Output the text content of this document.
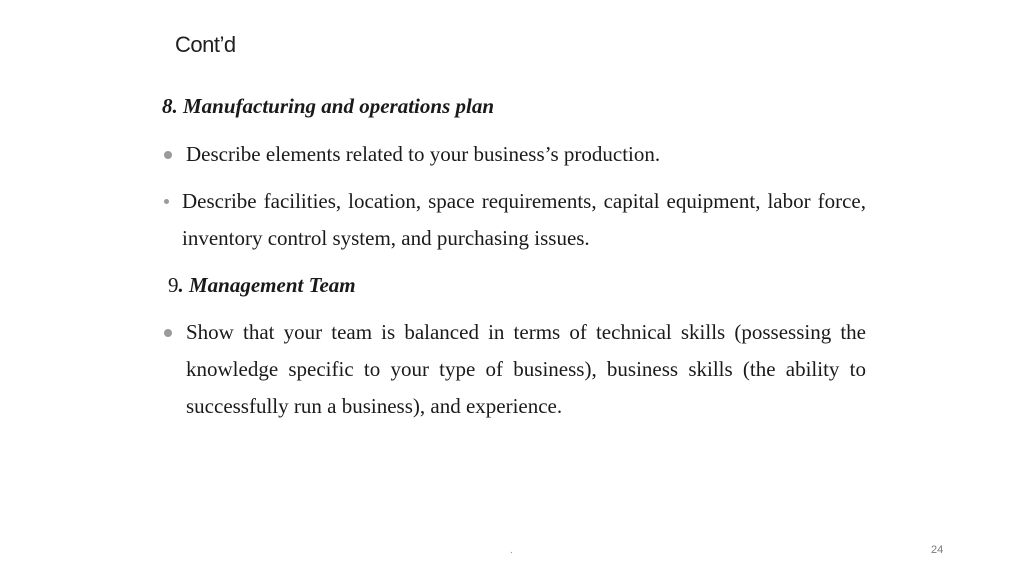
Cont’d
8. Manufacturing and operations plan
Describe elements related to your business’s production.
Describe facilities, location, space requirements, capital equipment, labor force, inventory control system, and purchasing issues.
9. Management Team
Show that your team is balanced in terms of technical skills (possessing the knowledge specific to your type of business), business skills (the ability to successfully run a business), and experience.
.	24
